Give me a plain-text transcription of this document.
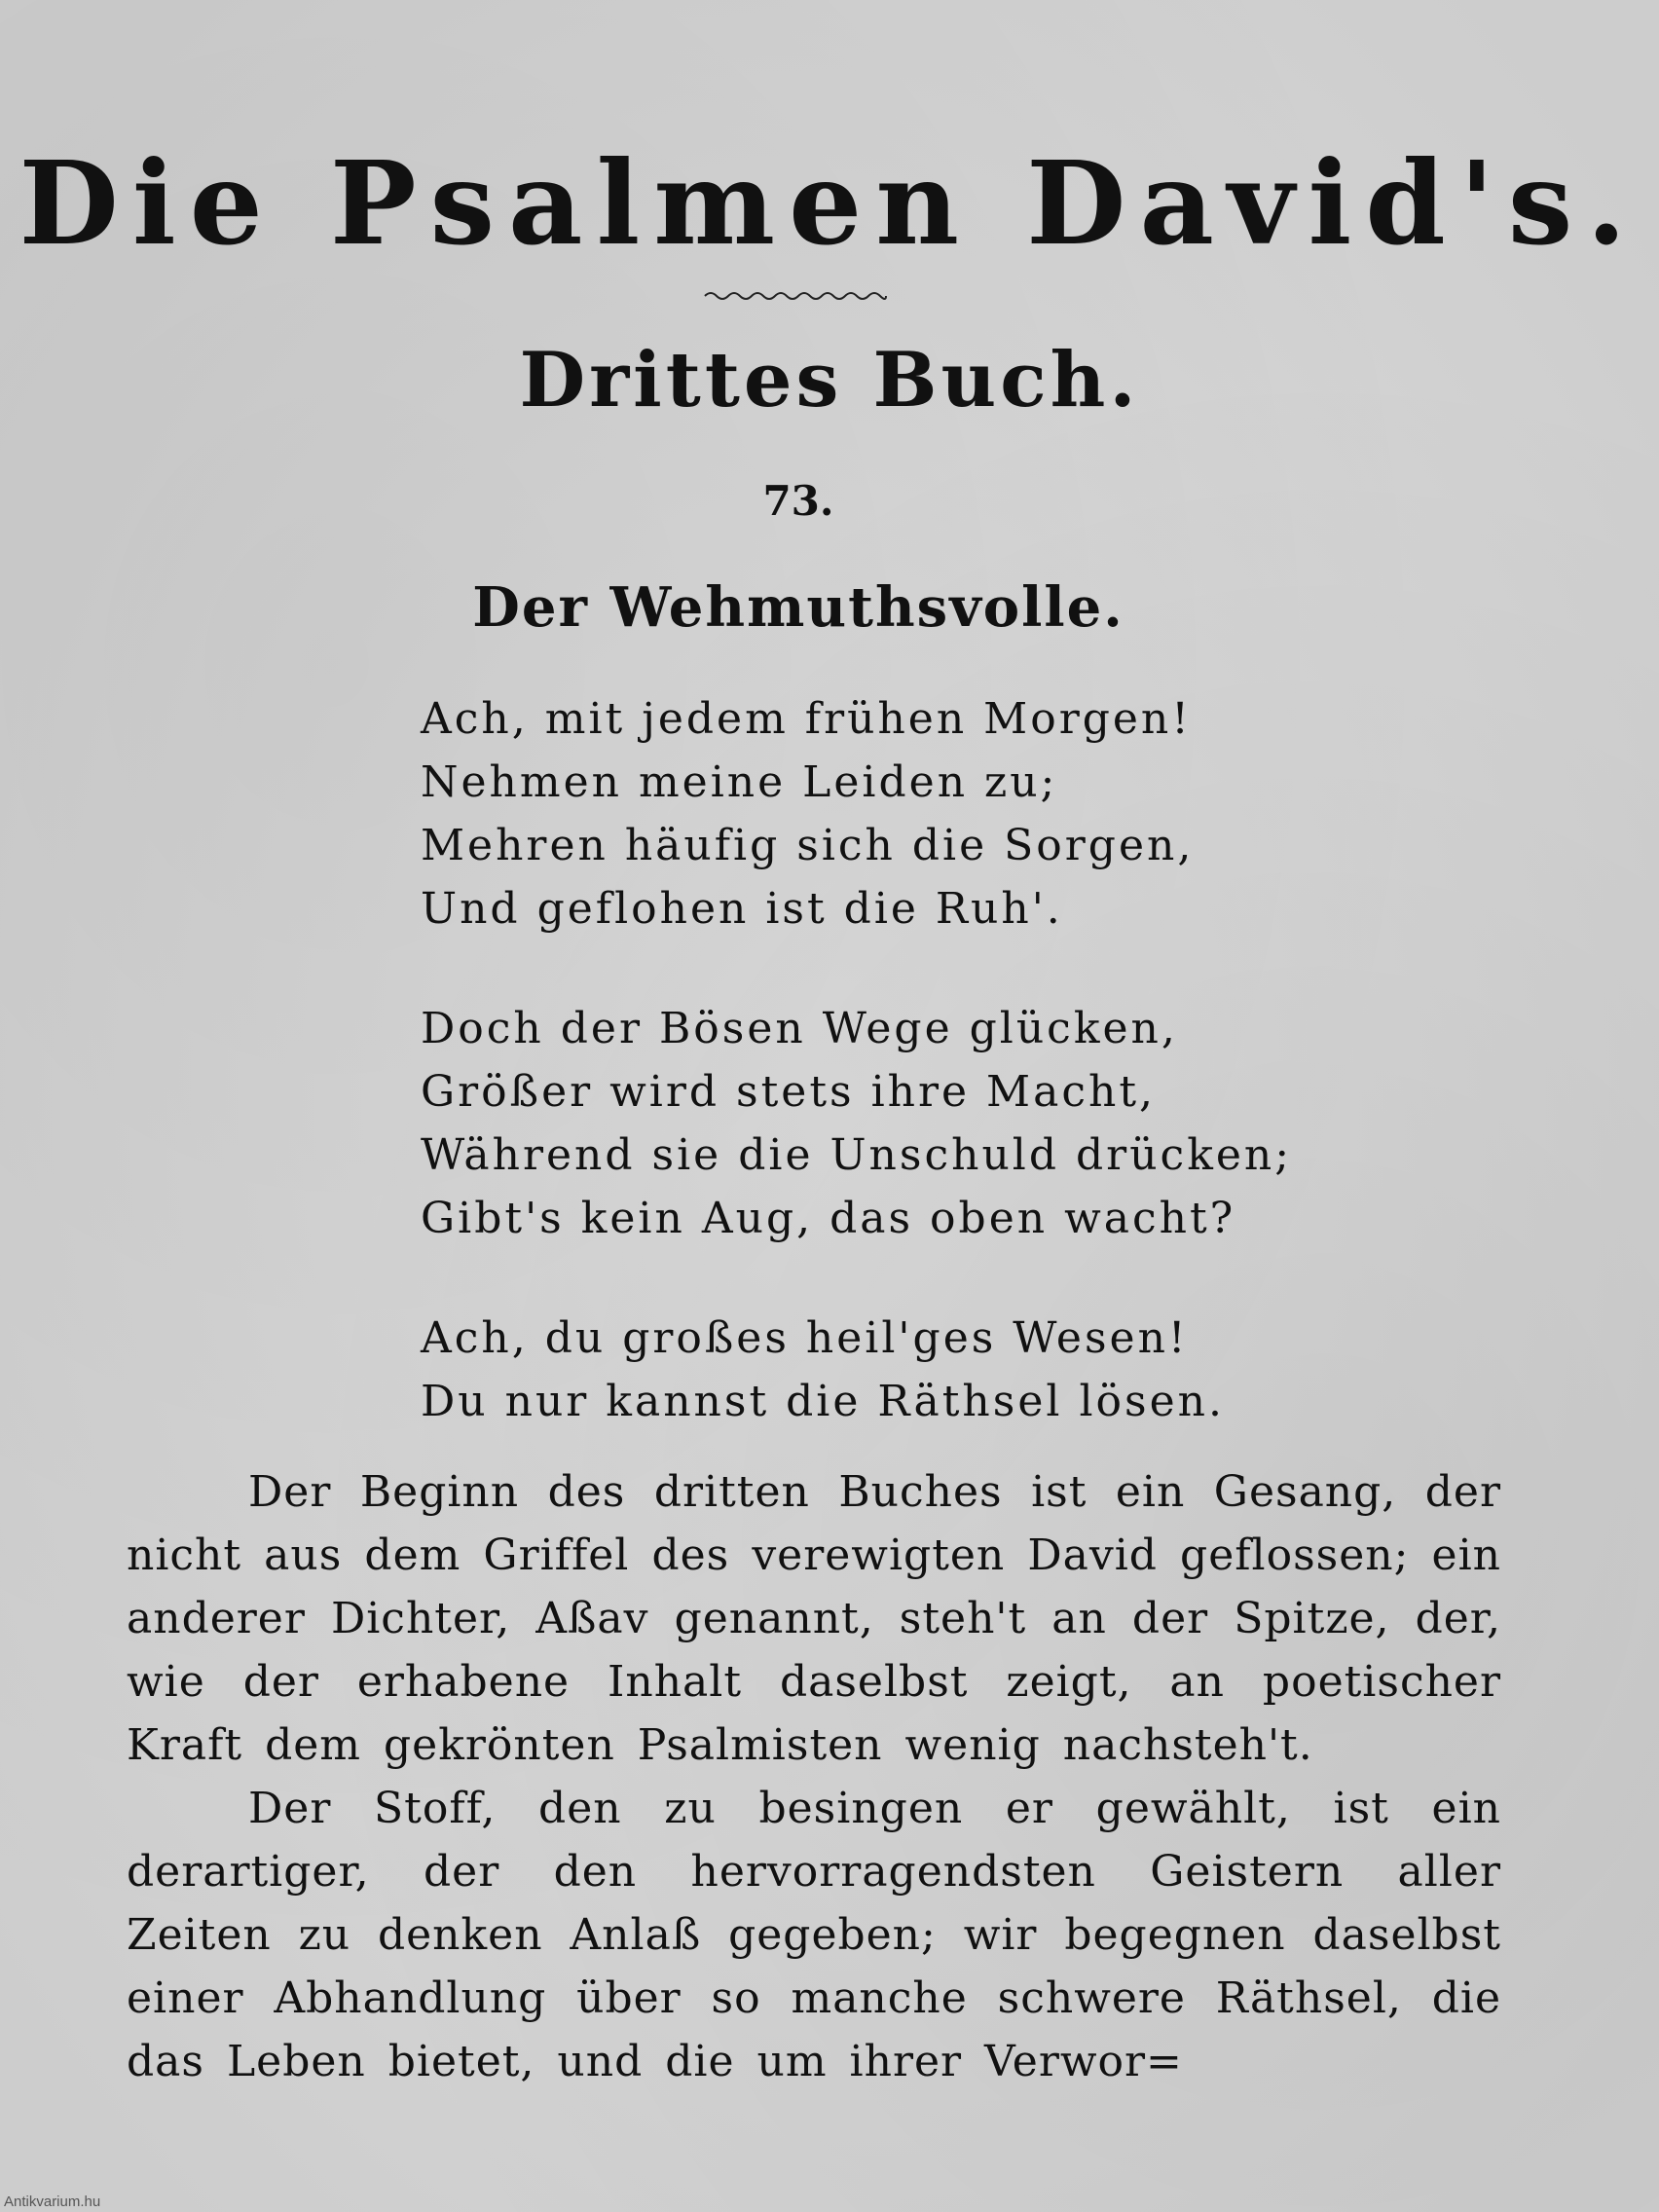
Die Psalmen David's.
Drittes Buch.
73.
Der Wehmuthsvolle.
Ach, mit jedem frühen Morgen!
Nehmen meine Leiden zu;
Mehren häufig sich die Sorgen,
Und geflohen ist die Ruh'.
Doch der Bösen Wege glücken,
Größer wird stets ihre Macht,
Während sie die Unschuld drücken;
Gibt's kein Aug, das oben wacht?
Ach, du großes heil'ges Wesen!
Du nur kannst die Räthsel lösen.

Der Beginn des dritten Buches ist ein Gesang, der nicht aus dem Griffel des verewigten David geflossen; ein anderer Dichter, Aßav genannt, steh't an der Spitze, der, wie der erhabene Inhalt daselbst zeigt, an poetischer Kraft dem gekrönten Psalmisten wenig nachsteh't.

Der Stoff, den zu besingen er gewählt, ist ein derartiger, der den hervorragendsten Geistern aller Zeiten zu denken Anlaß gegeben; wir begegnen daselbst einer Abhandlung über so manche schwere Räthsel, die das Leben bietet, und die um ihrer Verwor=

Antikvarium.hu
